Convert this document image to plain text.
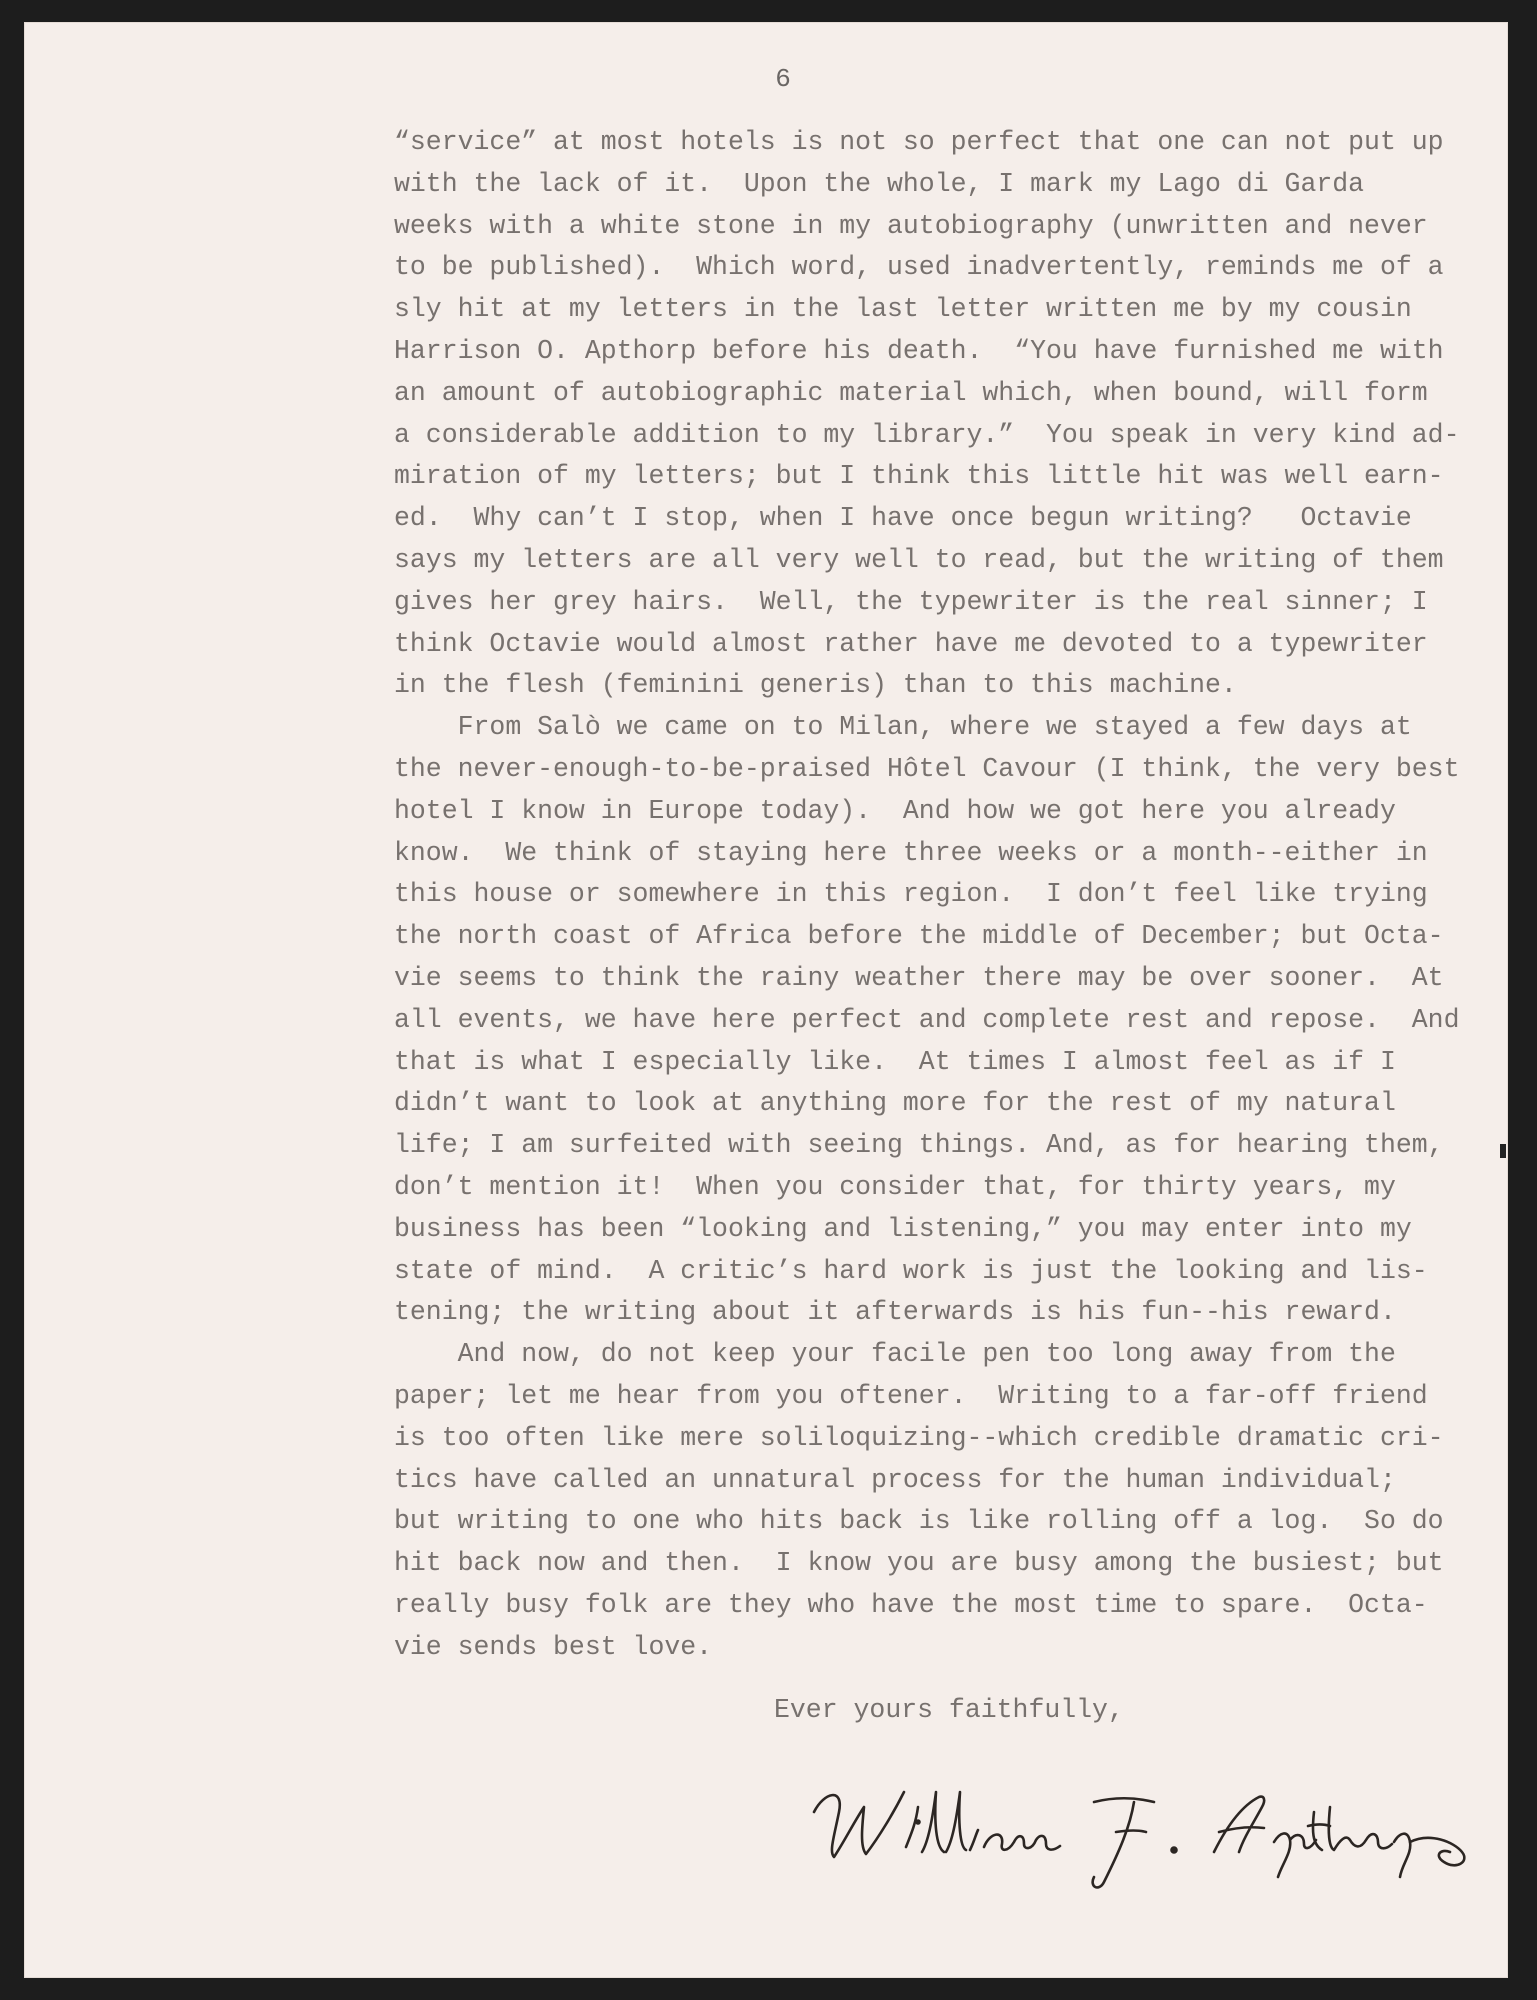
6
“service” at most hotels is not so perfect that one can not put up
with the lack of it.  Upon the whole, I mark my Lago di Garda
weeks with a white stone in my autobiography (unwritten and never
to be published).  Which word, used inadvertently, reminds me of a
sly hit at my letters in the last letter written me by my cousin
Harrison O. Apthorp before his death.  “You have furnished me with
an amount of autobiographic material which, when bound, will form
a considerable addition to my library.”  You speak in very kind ad-
miration of my letters; but I think this little hit was well earn-
ed.  Why can’t I stop, when I have once begun writing?   Octavie
says my letters are all very well to read, but the writing of them
gives her grey hairs.  Well, the typewriter is the real sinner; I
think Octavie would almost rather have me devoted to a typewriter
in the flesh (feminini generis) than to this machine.
From Salò we came on to Milan, where we stayed a few days at
the never-enough-to-be-praised Hôtel Cavour (I think, the very best
hotel I know in Europe today).  And how we got here you already
know.  We think of staying here three weeks or a month--either in
this house or somewhere in this region.  I don’t feel like trying
the north coast of Africa before the middle of December; but Octa-
vie seems to think the rainy weather there may be over sooner.  At
all events, we have here perfect and complete rest and repose.  And
that is what I especially like.  At times I almost feel as if I
didn’t want to look at anything more for the rest of my natural
life; I am surfeited with seeing things. And, as for hearing them,
don’t mention it!  When you consider that, for thirty years, my
business has been “looking and listening,” you may enter into my
state of mind.  A critic’s hard work is just the looking and lis-
tening; the writing about it afterwards is his fun--his reward.
And now, do not keep your facile pen too long away from the
paper; let me hear from you oftener.  Writing to a far-off friend
is too often like mere soliloquizing--which credible dramatic cri-
tics have called an unnatural process for the human individual;
but writing to one who hits back is like rolling off a log.  So do
hit back now and then.  I know you are busy among the busiest; but
really busy folk are they who have the most time to spare.  Octa-
vie sends best love.
Ever yours faithfully,
